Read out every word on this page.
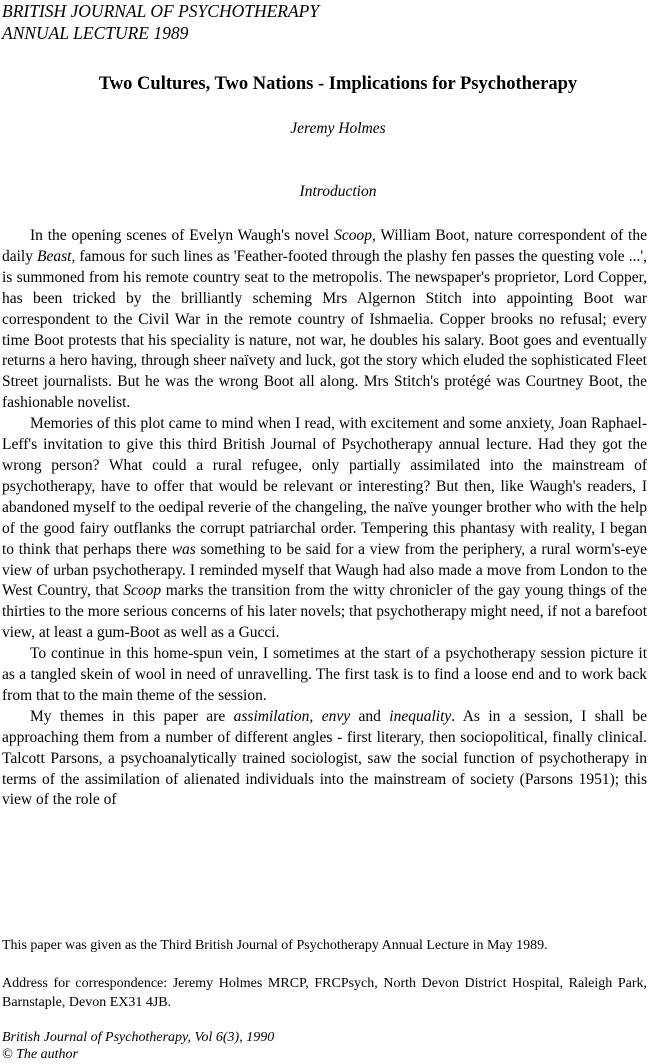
BRITISH JOURNAL OF PSYCHOTHERAPY
ANNUAL LECTURE 1989
Two Cultures, Two Nations - Implications for Psychotherapy
Jeremy Holmes
Introduction

In the opening scenes of Evelyn Waugh's novel Scoop, William Boot, nature correspondent of the daily Beast, famous for such lines as 'Feather-footed through the plashy fen passes the questing vole ...', is summoned from his remote country seat to the metropolis. The newspaper's proprietor, Lord Copper, has been tricked by the brilliantly scheming Mrs Algernon Stitch into appointing Boot war correspondent to the Civil War in the remote country of Ishmaelia. Copper brooks no refusal; every time Boot protests that his speciality is nature, not war, he doubles his salary. Boot goes and eventually returns a hero having, through sheer naïvety and luck, got the story which eluded the sophisticated Fleet Street journalists. But he was the wrong Boot all along. Mrs Stitch's protégé was Courtney Boot, the fashionable novelist.

Memories of this plot came to mind when I read, with excitement and some anxiety, Joan Raphael-Leff's invitation to give this third British Journal of Psychotherapy annual lecture. Had they got the wrong person? What could a rural refugee, only partially assimilated into the mainstream of psychotherapy, have to offer that would be relevant or interesting? But then, like Waugh's readers, I abandoned myself to the oedipal reverie of the changeling, the naïve younger brother who with the help of the good fairy outflanks the corrupt patriarchal order. Tempering this phantasy with reality, I began to think that perhaps there was something to be said for a view from the periphery, a rural worm's-eye view of urban psychotherapy. I reminded myself that Waugh had also made a move from London to the West Country, that Scoop marks the transition from the witty chronicler of the gay young things of the thirties to the more serious concerns of his later novels; that psychotherapy might need, if not a barefoot view, at least a gum-Boot as well as a Gucci.

To continue in this home-spun vein, I sometimes at the start of a psychotherapy session picture it as a tangled skein of wool in need of unravelling. The first task is to find a loose end and to work back from that to the main theme of the session.

My themes in this paper are assimilation, envy and inequality. As in a session, I shall be approaching them from a number of different angles - first literary, then sociopolitical, finally clinical. Talcott Parsons, a psychoanalytically trained sociologist, saw the social function of psychotherapy in terms of the assimilation of alienated individuals into the mainstream of society (Parsons 1951); this view of the role of

This paper was given as the Third British Journal of Psychotherapy Annual Lecture in May 1989.
Address for correspondence: Jeremy Holmes MRCP, FRCPsych, North Devon District Hospital, Raleigh Park, Barnstaple, Devon EX31 4JB.
British Journal of Psychotherapy, Vol 6(3), 1990
© The author
